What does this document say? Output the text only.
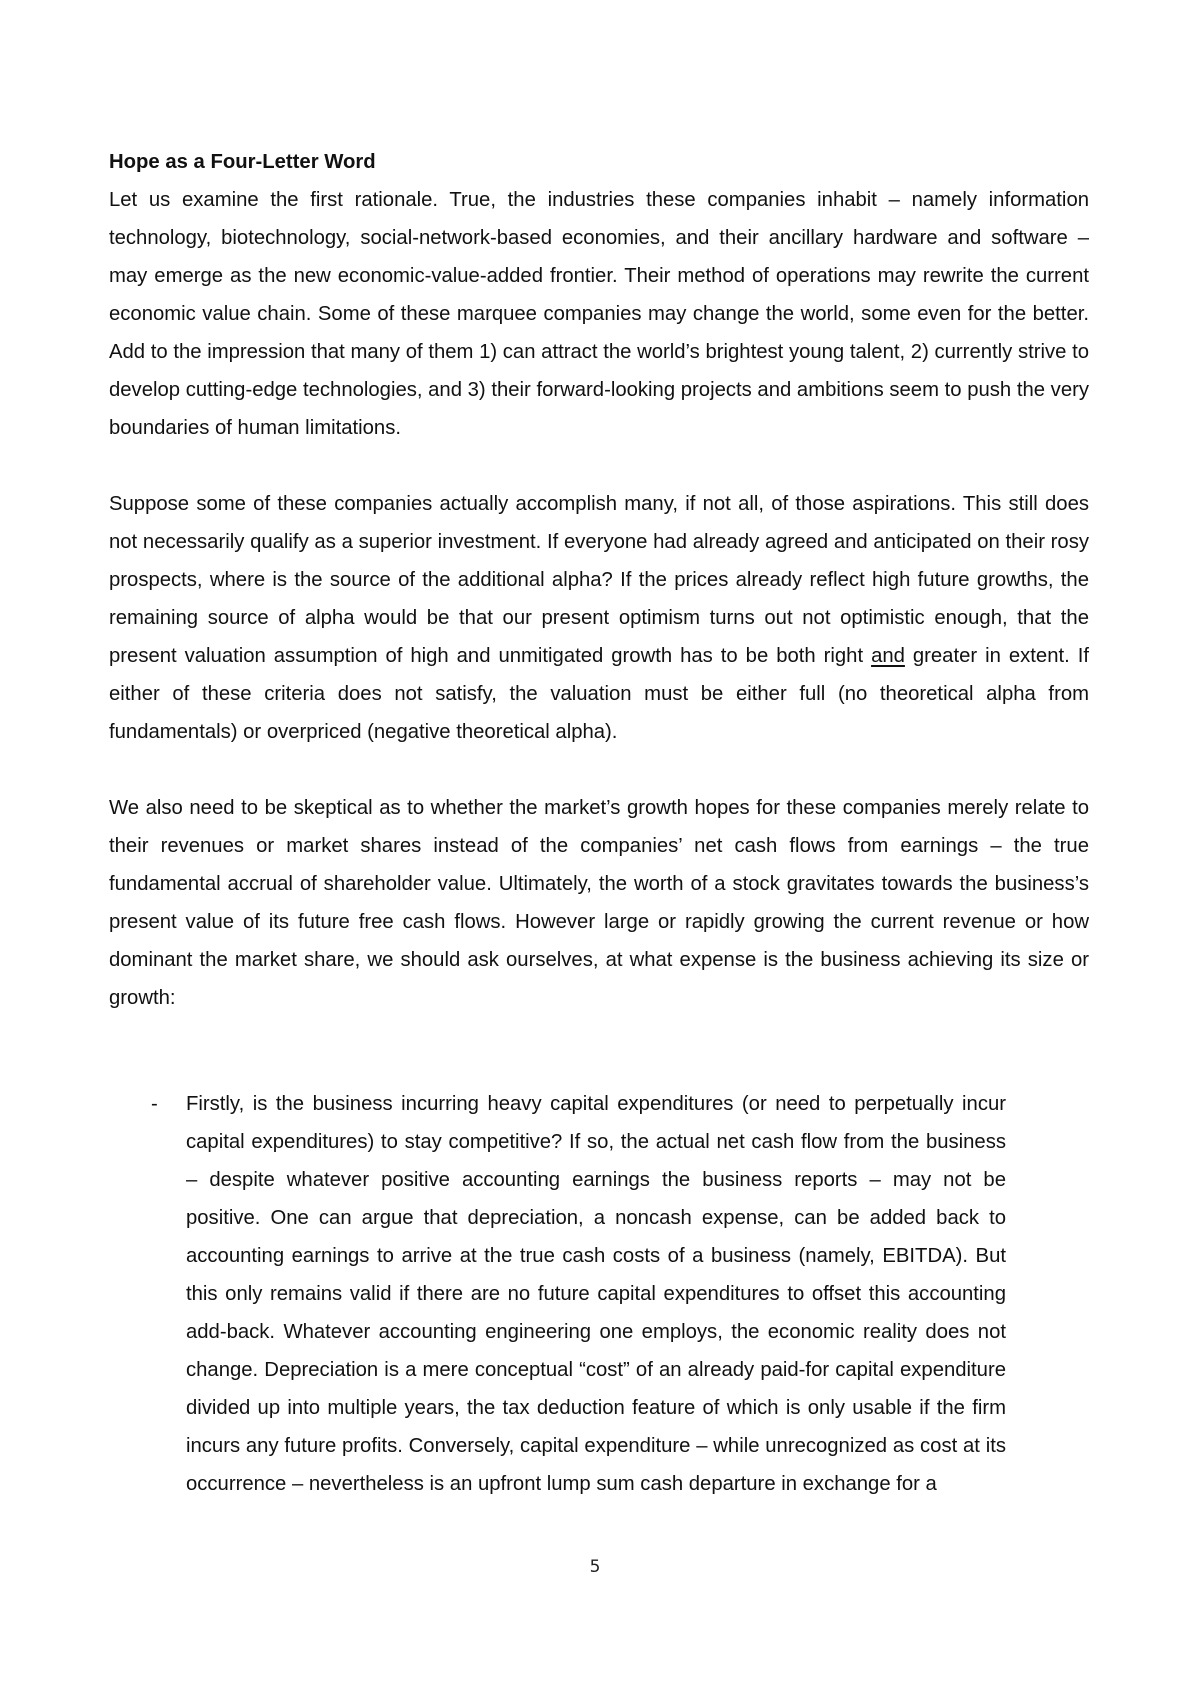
Hope as a Four-Letter Word

Let us examine the first rationale. True, the industries these companies inhabit – namely information technology, biotechnology, social-network-based economies, and their ancillary hardware and software – may emerge as the new economic-value-added frontier. Their method of operations may rewrite the current economic value chain. Some of these marquee companies may change the world, some even for the better. Add to the impression that many of them 1) can attract the world’s brightest young talent, 2) currently strive to develop cutting-edge technologies, and 3) their forward-looking projects and ambitions seem to push the very boundaries of human limitations.

Suppose some of these companies actually accomplish many, if not all, of those aspirations. This still does not necessarily qualify as a superior investment. If everyone had already agreed and anticipated on their rosy prospects, where is the source of the additional alpha? If the prices already reflect high future growths, the remaining source of alpha would be that our present optimism turns out not optimistic enough, that the present valuation assumption of high and unmitigated growth has to be both right and greater in extent. If either of these criteria does not satisfy, the valuation must be either full (no theoretical alpha from fundamentals) or overpriced (negative theoretical alpha).

We also need to be skeptical as to whether the market’s growth hopes for these companies merely relate to their revenues or market shares instead of the companies’ net cash flows from earnings – the true fundamental accrual of shareholder value. Ultimately, the worth of a stock gravitates towards the business’s present value of its future free cash flows. However large or rapidly growing the current revenue or how dominant the market share, we should ask ourselves, at what expense is the business achieving its size or growth:

- Firstly, is the business incurring heavy capital expenditures (or need to perpetually incur capital expenditures) to stay competitive? If so, the actual net cash flow from the business – despite whatever positive accounting earnings the business reports – may not be positive. One can argue that depreciation, a noncash expense, can be added back to accounting earnings to arrive at the true cash costs of a business (namely, EBITDA). But this only remains valid if there are no future capital expenditures to offset this accounting add-back. Whatever accounting engineering one employs, the economic reality does not change. Depreciation is a mere conceptual “cost” of an already paid-for capital expenditure divided up into multiple years, the tax deduction feature of which is only usable if the firm incurs any future profits. Conversely, capital expenditure – while unrecognized as cost at its occurrence – nevertheless is an upfront lump sum cash departure in exchange for a
5
